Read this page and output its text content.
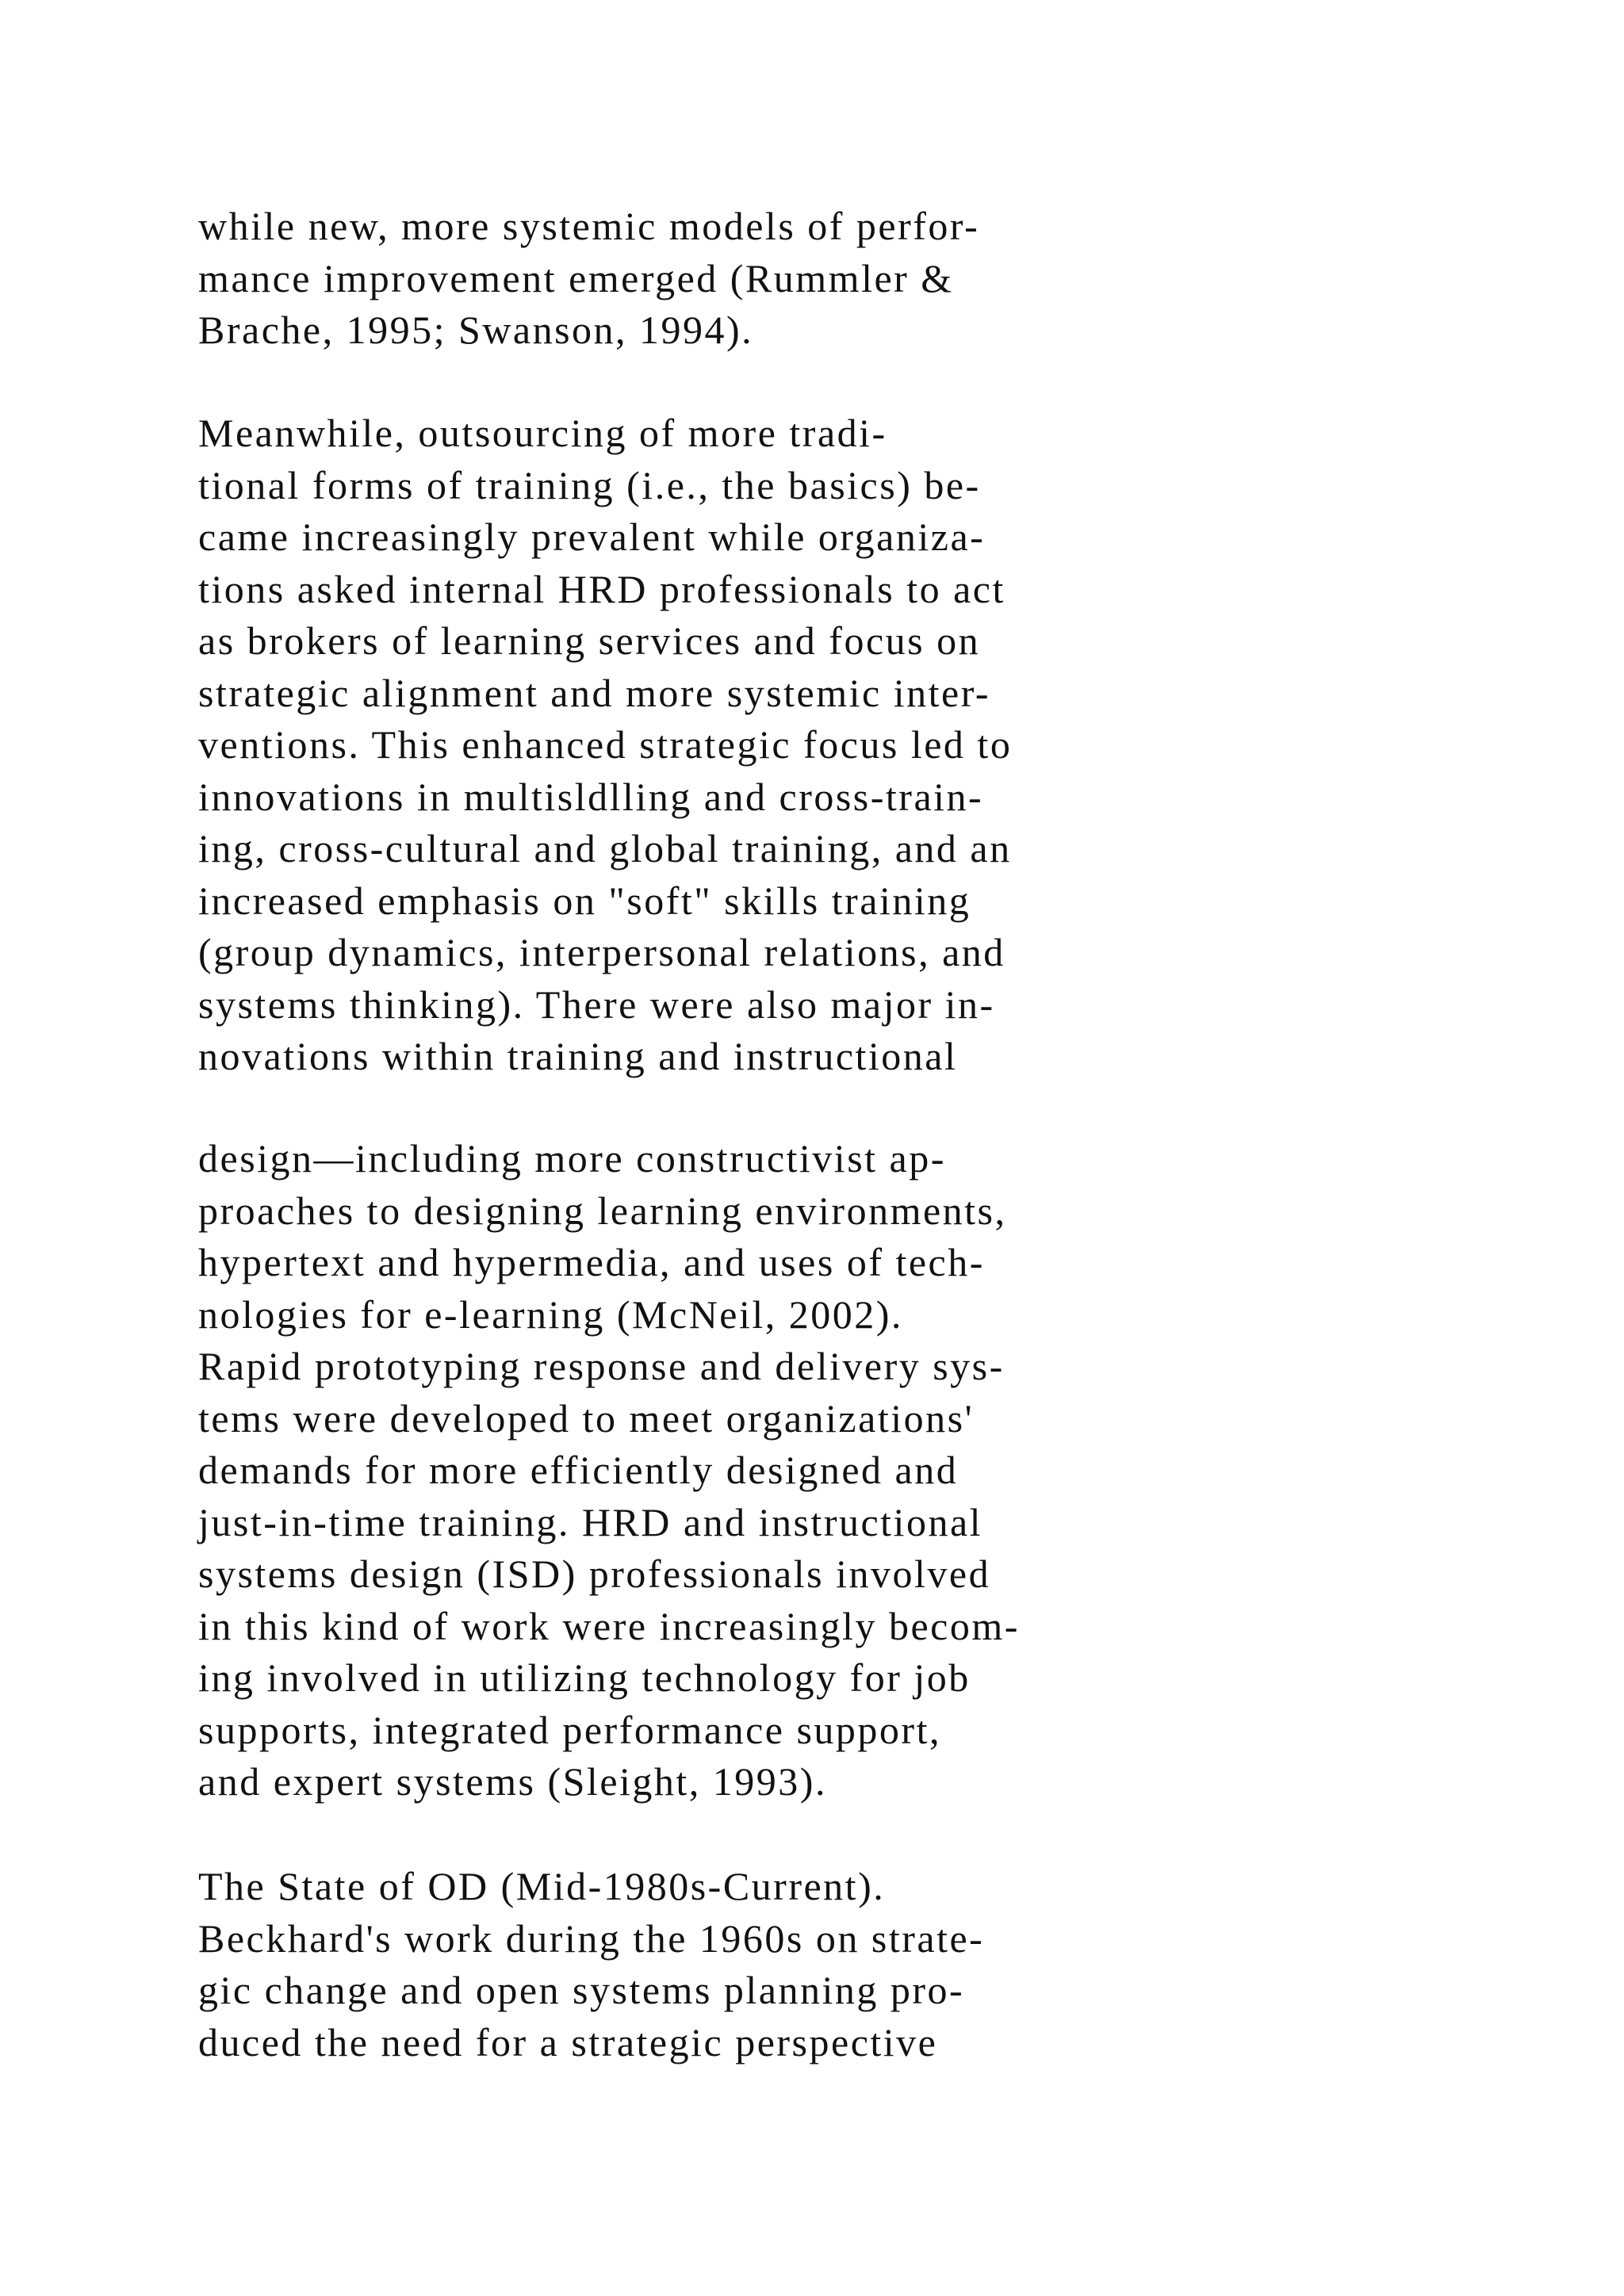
while new, more systemic models of perfor-
mance improvement emerged (Rummler &
Brache, 1995; Swanson, 1994).

Meanwhile, outsourcing of more tradi-
tional forms of training (i.e., the basics) be-
came increasingly prevalent while organiza-
tions asked internal HRD professionals to act
as brokers of learning services and focus on
strategic alignment and more systemic inter-
ventions. This enhanced strategic focus led to
innovations in multisldlling and cross-train-
ing, cross-cultural and global training, and an
increased emphasis on "soft" skills training
(group dynamics, interpersonal relations, and
systems thinking). There were also major in-
novations within training and instructional

design—including more constructivist ap-
proaches to designing learning environments,
hypertext and hypermedia, and uses of tech-
nologies for e-learning (McNeil, 2002).
Rapid prototyping response and delivery sys-
tems were developed to meet organizations'
demands for more efficiently designed and
just-in-time training. HRD and instructional
systems design (ISD) professionals involved
in this kind of work were increasingly becom-
ing involved in utilizing technology for job
supports, integrated performance support,
and expert systems (Sleight, 1993).

The State of OD (Mid-1980s-Current).
Beckhard's work during the 1960s on strate-
gic change and open systems planning pro-
duced the need for a strategic perspective
